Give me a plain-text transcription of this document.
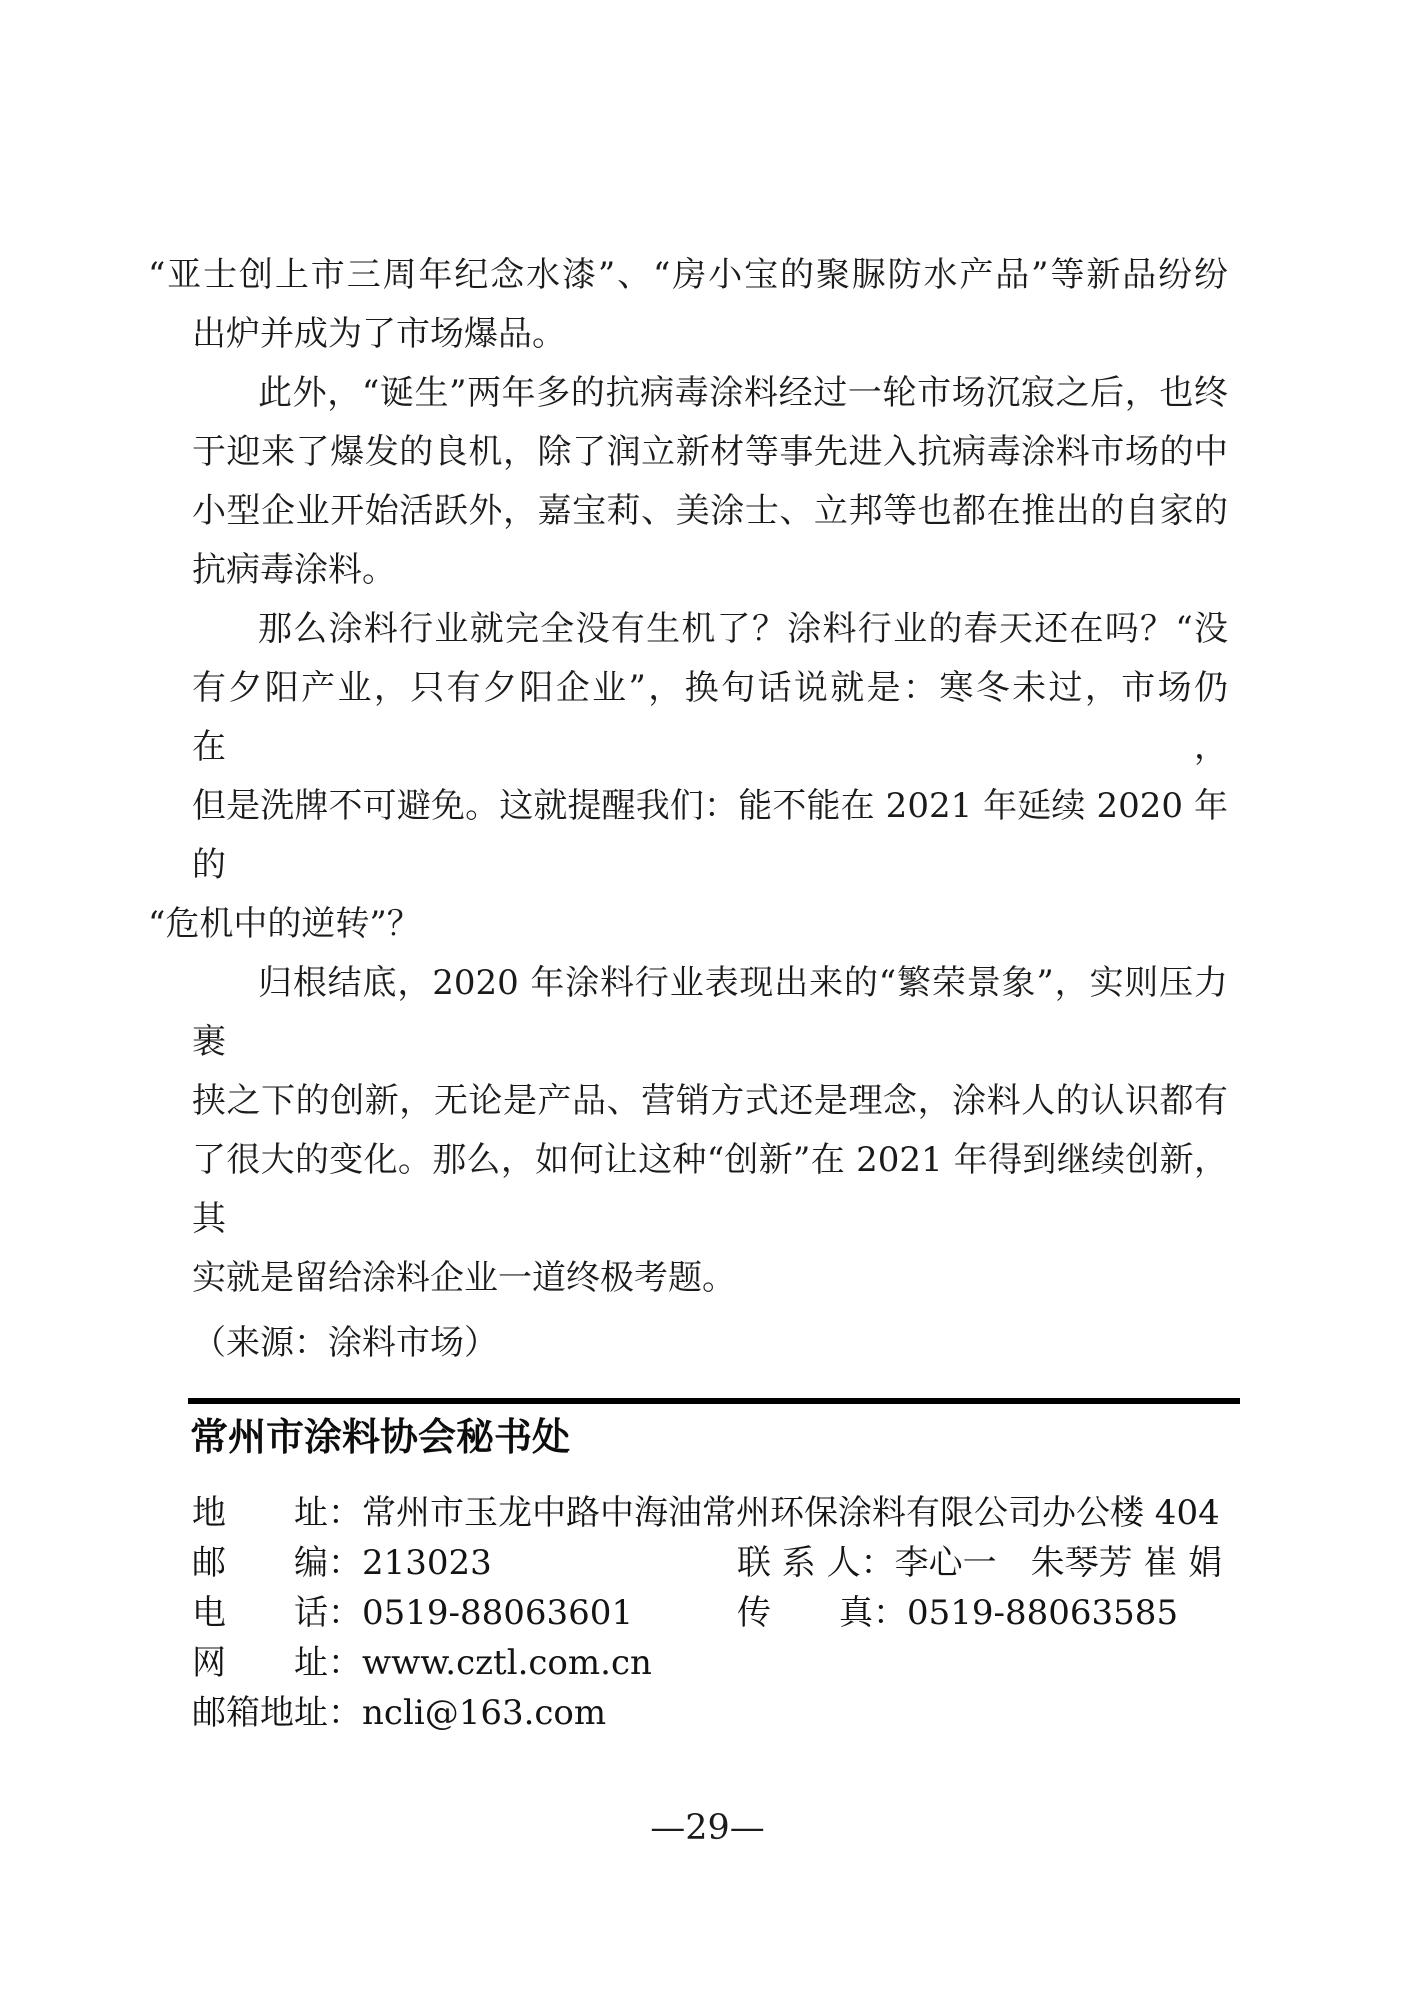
“亚士创上市三周年纪念水漆”、“房小宝的聚脲防水产品”等新品纷纷
出炉并成为了市场爆品。
此外，“诞生”两年多的抗病毒涂料经过一轮市场沉寂之后，也终
于迎来了爆发的良机，除了润立新材等事先进入抗病毒涂料市场的中
小型企业开始活跃外，嘉宝莉、美涂士、立邦等也都在推出的自家的
抗病毒涂料。
那么涂料行业就完全没有生机了？涂料行业的春天还在吗？“没
有夕阳产业，只有夕阳企业”，换句话说就是：寒冬未过，市场仍在，
但是洗牌不可避免。这就提醒我们：能不能在 2021 年延续 2020 年的
“危机中的逆转”？
归根结底，2020 年涂料行业表现出来的“繁荣景象”，实则压力裹
挟之下的创新，无论是产品、营销方式还是理念，涂料人的认识都有
了很大的变化。那么，如何让这种“创新”在 2021 年得到继续创新，其
实就是留给涂料企业一道终极考题。
（来源：涂料市场）
常州市涂料协会秘书处
地　　址：常州市玉龙中路中海油常州环保涂料有限公司办公楼 404
邮　　编：213023	联 系 人：李心一　朱琴芳 崔 娟
电　　话：0519-88063601	传　　真：0519-88063585
网　　址：www.cztl.com.cn
邮箱地址：ncli@163.com
—29—
